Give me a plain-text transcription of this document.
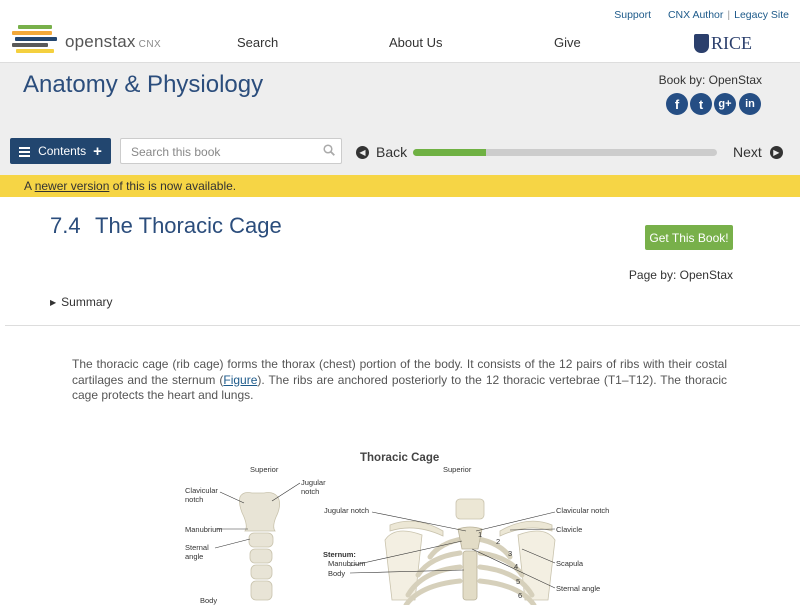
openstax CNX
Support CNX Author | Legacy Site
Search	About Us	Give	RICE
Anatomy & Physiology	Book by: OpenStax
f	t	g+	in
Contents +
Search this book	◀ Back	Next	▶
A newer version of this is now available.
7.4 The Thoracic Cage	Get This Book!
Page by: OpenStax
▶ Summary
The thoracic cage (rib cage) forms the thorax (chest) portion of the body. It consists of the 12 pairs of ribs with their costal cartilages and the sternum (Figure). The ribs are anchored posteriorly to the 12 thoracic vertebrae (T1–T12). The thoracic cage protects the heart and lungs.
Thoracic Cage
Superior	Superior
Clavicular
notch
Jugular
notch
Manubrium
Sternal
angle
Body
Jugular notch
Sternum:
Manubrium
Body
Clavicular notch
Clavicle
Scapula
Sternal angle
1
2
3
4
5
6
